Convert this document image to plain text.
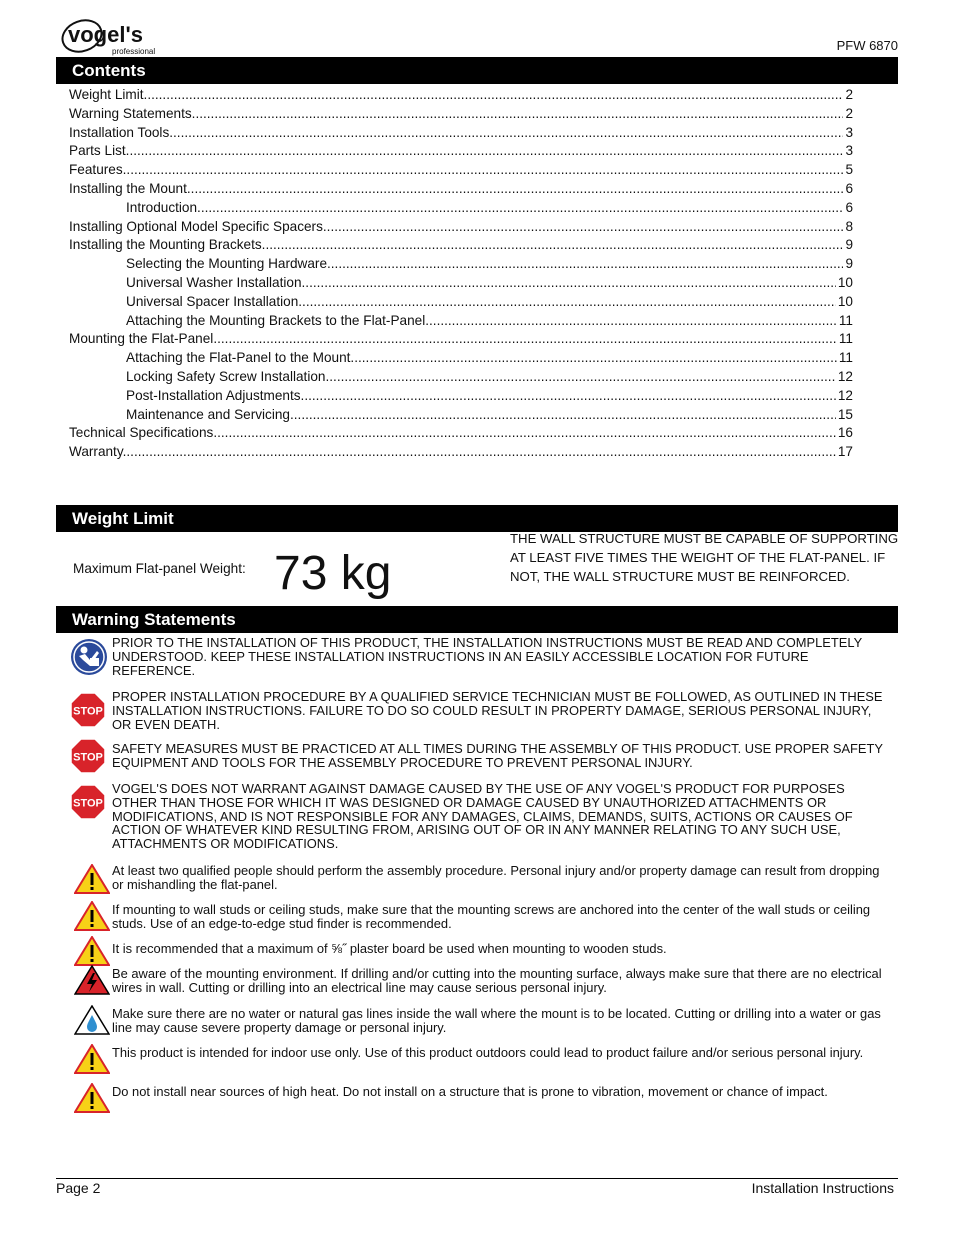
vogel's
professional	PFW 6870
Contents
Weight Limit. .....	2
Warning Statements. .....	2
Installation Tools. .....	3
Parts List. .....	3
Features. .....	5
Installing the Mount. .....	6
Introduction. .....	6
Installing Optional Model Specific Spacers .....	8
Installing the Mounting Brackets. .....	9
Selecting the Mounting Hardware. .....	9
Universal Washer Installation .....	10
Universal Spacer Installation .....	10
Attaching the Mounting Brackets to the Flat-Panel. .....	11
Mounting the Flat-Panel. .....	11
Attaching the Flat-Panel to the Mount. .....	11
Locking Safety Screw Installation. .....	12
Post-Installation Adjustments. .....	12
Maintenance and Servicing. .....	15
Technical Specifications. .....	16
Warranty. .....	17
Weight Limit
Maximum Flat-panel Weight: 73 kg
THE WALL STRUCTURE MUST BE CAPABLE OF SUPPORTING AT LEAST FIVE TIMES THE WEIGHT OF THE FLAT-PANEL. IF NOT, THE WALL STRUCTURE MUST BE REINFORCED.
Warning Statements
PRIOR TO THE INSTALLATION OF THIS PRODUCT, THE INSTALLATION INSTRUCTIONS MUST BE READ AND COMPLETELY UNDERSTOOD. KEEP THESE INSTALLATION INSTRUCTIONS IN AN EASILY ACCESSIBLE LOCATION FOR FUTURE REFERENCE.
STOP
PROPER INSTALLATION PROCEDURE BY A QUALIFIED SERVICE TECHNICIAN MUST BE FOLLOWED, AS OUTLINED IN THESE INSTALLATION INSTRUCTIONS. FAILURE TO DO SO COULD RESULT IN PROPERTY DAMAGE, SERIOUS PERSONAL INJURY, OR EVEN DEATH.
STOP
SAFETY MEASURES MUST BE PRACTICED AT ALL TIMES DURING THE ASSEMBLY OF THIS PRODUCT. USE PROPER SAFETY EQUIPMENT AND TOOLS FOR THE ASSEMBLY PROCEDURE TO PREVENT PERSONAL INJURY.
STOP
VOGEL'S DOES NOT WARRANT AGAINST DAMAGE CAUSED BY THE USE OF ANY VOGEL'S PRODUCT FOR PURPOSES OTHER THAN THOSE FOR WHICH IT WAS DESIGNED OR DAMAGE CAUSED BY UNAUTHORIZED ATTACHMENTS OR MODIFICATIONS, AND IS NOT RESPONSIBLE FOR ANY DAMAGES, CLAIMS, DEMANDS, SUITS, ACTIONS OR CAUSES OF ACTION OF WHATEVER KIND RESULTING FROM, ARISING OUT OF OR IN ANY MANNER RELATING TO ANY SUCH USE, ATTACHMENTS OR MODIFICATIONS.
At least two qualified people should perform the assembly procedure. Personal injury and/or property damage can result from dropping or mishandling the flat-panel.
If mounting to wall studs or ceiling studs, make sure that the mounting screws are anchored into the center of the wall studs or ceiling studs. Use of an edge-to-edge stud finder is recommended.
It is recommended that a maximum of ⅝˝ plaster board be used when mounting to wooden studs.
Be aware of the mounting environment. If drilling and/or cutting into the mounting surface, always make sure that there are no electrical wires in wall. Cutting or drilling into an electrical line may cause serious personal injury.
Make sure there are no water or natural gas lines inside the wall where the mount is to be located. Cutting or drilling into a water or gas line may cause severe property damage or personal injury.
This product is intended for indoor use only. Use of this product outdoors could lead to product failure and/or serious personal injury.
Do not install near sources of high heat. Do not install on a structure that is prone to vibration, movement or chance of impact.
Page 2	Installation Instructions
